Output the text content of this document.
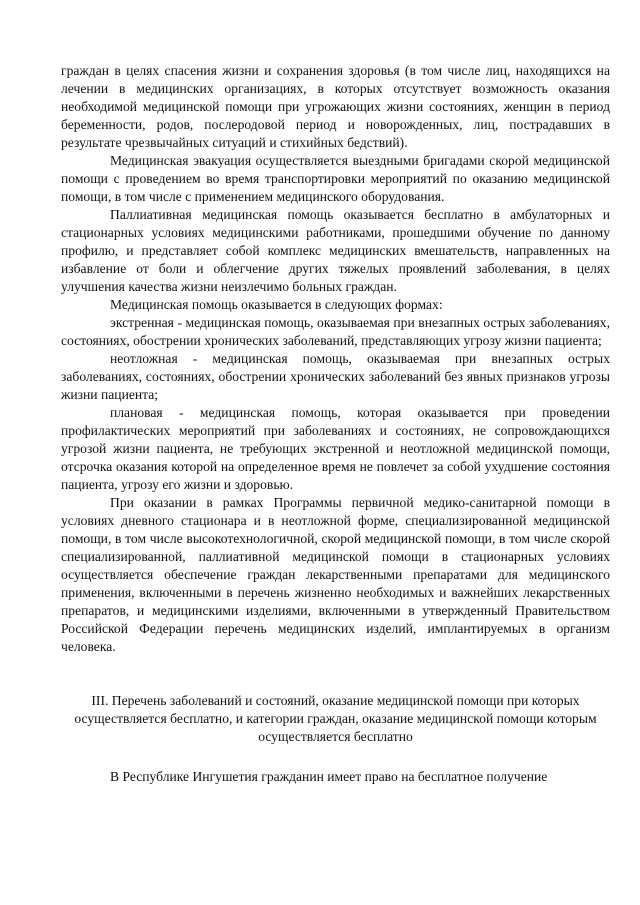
граждан в целях спасения жизни и сохранения здоровья (в том числе лиц, находящихся на лечении в медицинских организациях, в которых отсутствует возможность оказания необходимой медицинской помощи при угрожающих жизни состояниях, женщин в период беременности, родов, послеродовой период и новорожденных, лиц, пострадавших в результате чрезвычайных ситуаций и стихийных бедствий).

Медицинская эвакуация осуществляется выездными бригадами скорой медицинской помощи с проведением во время транспортировки мероприятий по оказанию медицинской помощи, в том числе с применением медицинского оборудования.

Паллиативная медицинская помощь оказывается бесплатно в амбулаторных и стационарных условиях медицинскими работниками, прошедшими обучение по данному профилю, и представляет собой комплекс медицинских вмешательств, направленных на избавление от боли и облегчение других тяжелых проявлений заболевания, в целях улучшения качества жизни неизлечимо больных граждан.

Медицинская помощь оказывается в следующих формах:

экстренная - медицинская помощь, оказываемая при внезапных острых заболеваниях, состояниях, обострении хронических заболеваний, представляющих угрозу жизни пациента;

неотложная - медицинская помощь, оказываемая при внезапных острых заболеваниях, состояниях, обострении хронических заболеваний без явных признаков угрозы жизни пациента;

плановая - медицинская помощь, которая оказывается при проведении профилактических мероприятий при заболеваниях и состояниях, не сопровождающихся угрозой жизни пациента, не требующих экстренной и неотложной медицинской помощи, отсрочка оказания которой на определенное время не повлечет за собой ухудшение состояния пациента, угрозу его жизни и здоровью.

При оказании в рамках Программы первичной медико-санитарной помощи в условиях дневного стационара и в неотложной форме, специализированной медицинской помощи, в том числе высокотехнологичной, скорой медицинской помощи, в том числе скорой специализированной, паллиативной медицинской помощи в стационарных условиях осуществляется обеспечение граждан лекарственными препаратами для медицинского применения, включенными в перечень жизненно необходимых и важнейших лекарственных препаратов, и медицинскими изделиями, включенными в утвержденный Правительством Российской Федерации перечень медицинских изделий, имплантируемых в организм человека.

III. Перечень заболеваний и состояний, оказание медицинской помощи при которых осуществляется бесплатно, и категории граждан, оказание медицинской помощи которым осуществляется бесплатно

В Республике Ингушетия гражданин имеет право на бесплатное получение
